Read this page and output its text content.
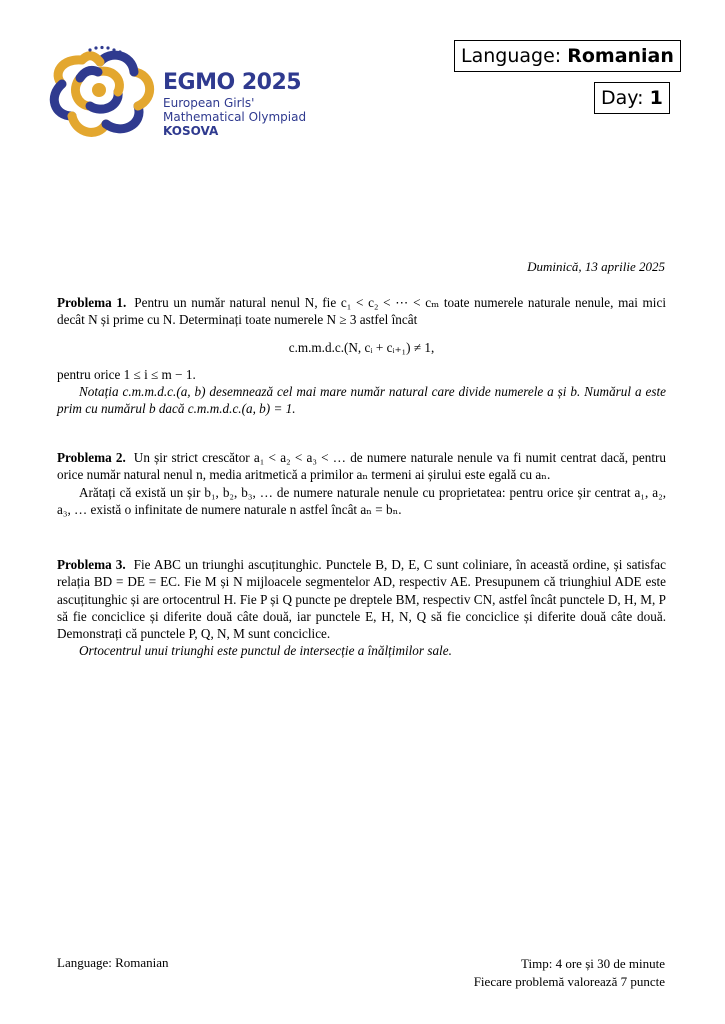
EGMO 2025
European Girls'
Mathematical Olympiad
KOSOVA
Language: Romanian
Day: 1
Duminică, 13 aprilie 2025

Problema 1. Pentru un număr natural nenul N, fie c₁ < c₂ < ⋯ < cₘ toate numerele naturale nenule, mai mici decât N și prime cu N. Determinați toate numerele N ≥ 3 astfel încât

c.m.m.d.c.(N, cᵢ + cᵢ₊₁) ≠ 1,

pentru orice 1 ≤ i ≤ m − 1.

Notația c.m.m.d.c.(a, b) desemnează cel mai mare număr natural care divide numerele a și b. Numărul a este prim cu numărul b dacă c.m.m.d.c.(a, b) = 1.

Problema 2. Un șir strict crescător a₁ < a₂ < a₃ < … de numere naturale nenule va fi numit centrat dacă, pentru orice număr natural nenul n, media aritmetică a primilor aₙ termeni ai șirului este egală cu aₙ.

Arătați că există un șir b₁, b₂, b₃, … de numere naturale nenule cu proprietatea: pentru orice șir centrat a₁, a₂, a₃, … există o infinitate de numere naturale n astfel încât aₙ = bₙ.

Problema 3. Fie ABC un triunghi ascuțitunghic. Punctele B, D, E, C sunt coliniare, în această ordine, și satisfac relația BD = DE = EC. Fie M și N mijloacele segmentelor AD, respectiv AE. Presupunem că triunghiul ADE este ascuțitunghic și are ortocentrul H. Fie P și Q puncte pe dreptele BM, respectiv CN, astfel încât punctele D, H, M, P să fie conciclice și diferite două câte două, iar punctele E, H, N, Q să fie conciclice și diferite două câte două. Demonstrați că punctele P, Q, N, M sunt conciclice.

Ortocentrul unui triunghi este punctul de intersecție a înălțimilor sale.

Language: Romanian	Timp: 4 ore și 30 de minute
Fiecare problemă valorează 7 puncte
